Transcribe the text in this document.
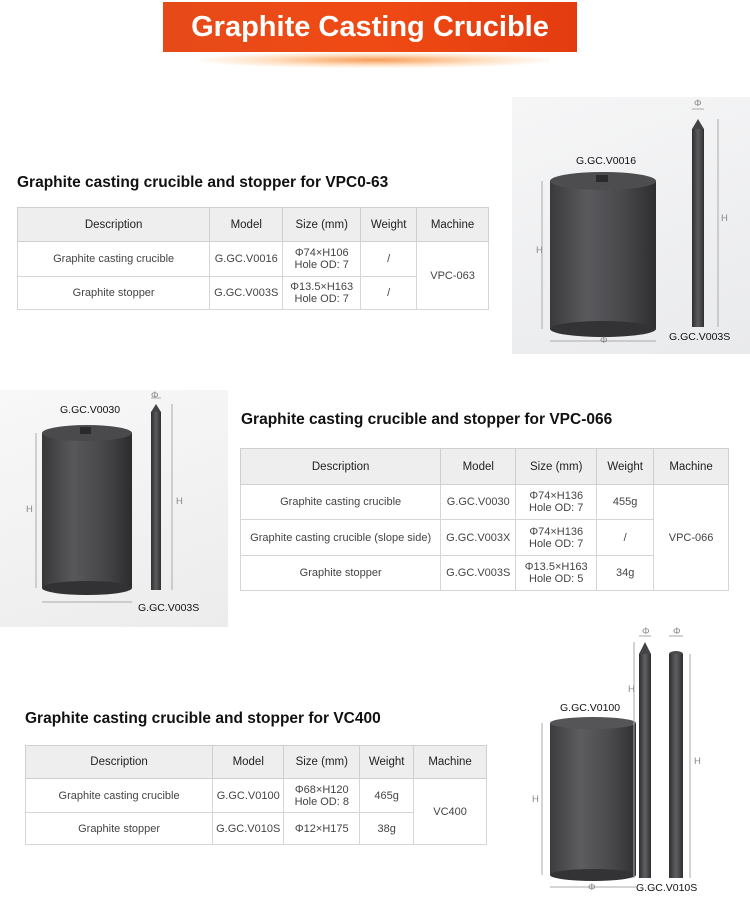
Graphite Casting Crucible
Graphite casting crucible and stopper for VPC0-63
Description	Model	Size (mm)	Weight	Machine
Graphite casting crucible	G.GC.V0016	Φ74×H106
Hole OD: 7	/	VPC-063
Graphite stopper	G.GC.V003S	Φ13.5×H163
Hole OD: 7	/	
G.GC.V0016
G.GC.V003S
H
H
Φ
Φ
G.GC.V0030
G.GC.V003S
H
H
Φ
Graphite casting crucible and stopper for VPC-066
Description	Model	Size (mm)	Weight	Machine
Graphite casting crucible	G.GC.V0030	Φ74×H136
Hole OD: 7	455g	VPC-066
Graphite casting crucible (slope side)	G.GC.V003X	Φ74×H136
Hole OD: 7	/	
Graphite stopper	G.GC.V003S	Φ13.5×H163
Hole OD: 5	34g	
Graphite casting crucible and stopper for VC400
Description	Model	Size (mm)	Weight	Machine
Graphite casting crucible	G.GC.V0100	Φ68×H120
Hole OD: 8	465g	VC400
Graphite stopper	G.GC.V010S	Φ12×H175	38g	
G.GC.V0100
G.GC.V010S
H
H
H
Φ
Φ Φ
